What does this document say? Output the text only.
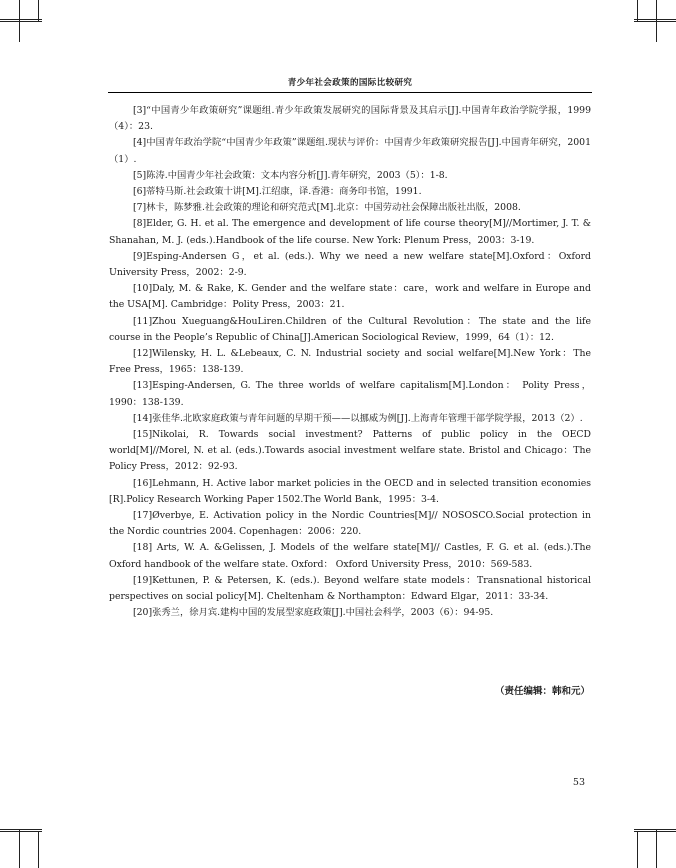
青少年社会政策的国际比较研究

[3]“中国青少年政策研究”课题组.青少年政策发展研究的国际背景及其启示[J].中国青年政治学院学报，1999（4）：23.

[4]中国青年政治学院“中国青少年政策”课题组.现状与评价：中国青少年政策研究报告[J].中国青年研究，2001（1）.

[5]陈涛.中国青少年社会政策：文本内容分析[J].青年研究，2003（5）：1-8.

[6]蒂特马斯.社会政策十讲[M].江绍康，译.香港：商务印书馆，1991.

[7]林卡，陈梦雅.社会政策的理论和研究范式[M].北京：中国劳动社会保障出版社出版，2008.

[8]Elder, G. H. et al. The emergence and development of life course theory[M]//Mortimer, J. T. & Shanahan, M. J. (eds.).Handbook of the life course. New York: Plenum Press，2003：3-19.

[9]Esping-Andersen G，et al. (eds.). Why we need a new welfare state[M].Oxford：Oxford University Press，2002：2-9.

[10]Daly, M. & Rake, K. Gender and the welfare state：care，work and welfare in Europe and the USA[M]. Cambridge：Polity Press，2003：21.

[11]Zhou Xueguang&HouLiren.Children of the Cultural Revolution：The state and the life course in the People’s Republic of China[J].American Sociological Review，1999，64（1）：12.

[12]Wilensky, H. L. &Lebeaux, C. N. Industrial society and social welfare[M].New York：The Free Press，1965：138-139.

[13]Esping-Andersen, G. The three worlds of welfare capitalism[M].London： Polity Press，1990：138-139.

[14]张佳华.北欧家庭政策与青年问题的早期干预——以挪威为例[J].上海青年管理干部学院学报，2013（2）.

[15]Nikolai, R. Towards social investment? Patterns of public policy in the OECD world[M]//Morel, N. et al. (eds.).Towards asocial investment welfare state. Bristol and Chicago：The Policy Press，2012：92-93.

[16]Lehmann, H. Active labor market policies in the OECD and in selected transition economies [R].Policy Research Working Paper 1502.The World Bank，1995：3-4.

[17]Øverbye, E. Activation policy in the Nordic Countries[M]// NOSOSCO.Social protection in the Nordic countries 2004. Copenhagen：2006：220.

[18] Arts, W. A. &Gelissen, J. Models of the welfare state[M]// Castles, F. G. et al. (eds.).The Oxford handbook of the welfare state. Oxford： Oxford University Press，2010：569-583.

[19]Kettunen, P. & Petersen, K. (eds.). Beyond welfare state models：Transnational historical perspectives on social policy[M]. Cheltenham & Northampton：Edward Elgar，2011：33-34.

[20]张秀兰，徐月宾.建构中国的发展型家庭政策[J].中国社会科学，2003（6）：94-95.

（责任编辑：韩和元）
53
